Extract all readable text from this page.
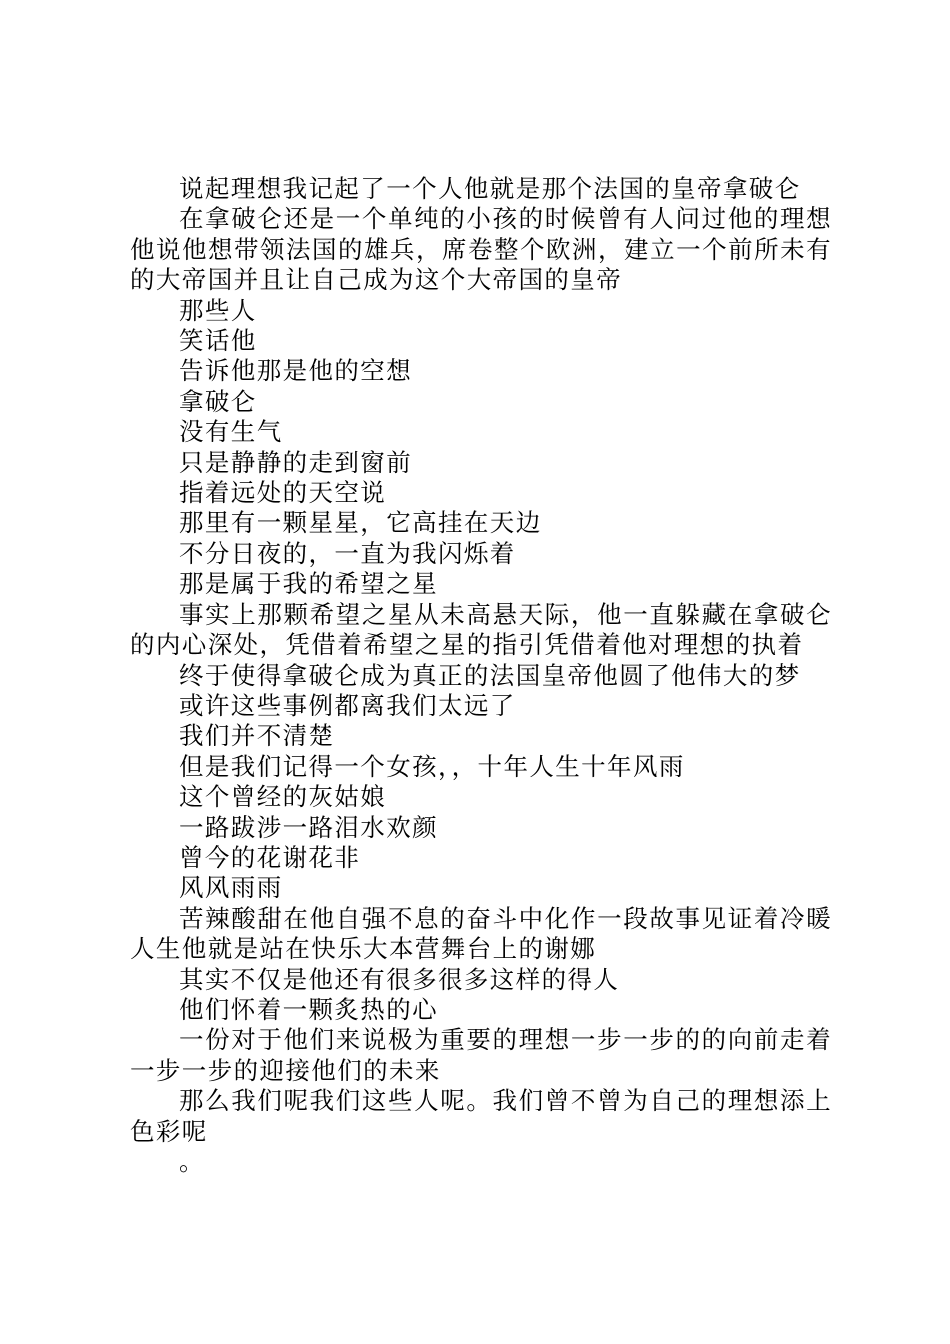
说起理想我记起了一个人他就是那个法国的皇帝拿破仑

在拿破仑还是一个单纯的小孩的时候曾有人问过他的理想他说他想带领法国的雄兵，席卷整个欧洲，建立一个前所未有的大帝国并且让自己成为这个大帝国的皇帝

那些人

笑话他

告诉他那是他的空想

拿破仑

没有生气

只是静静的走到窗前

指着远处的天空说

那里有一颗星星，它高挂在天边

不分日夜的，一直为我闪烁着

那是属于我的希望之星

事实上那颗希望之星从未高悬天际，他一直躲藏在拿破仑的内心深处，凭借着希望之星的指引凭借着他对理想的执着

终于使得拿破仑成为真正的法国皇帝他圆了他伟大的梦

或许这些事例都离我们太远了

我们并不清楚

但是我们记得一个女孩，，十年人生十年风雨

这个曾经的灰姑娘

一路跋涉一路泪水欢颜

曾今的花谢花非

风风雨雨

苦辣酸甜在他自强不息的奋斗中化作一段故事见证着冷暖人生他就是站在快乐大本营舞台上的谢娜

其实不仅是他还有很多很多这样的得人

他们怀着一颗炙热的心

一份对于他们来说极为重要的理想一步一步的的向前走着一步一步的迎接他们的未来

那么我们呢我们这些人呢。我们曾不曾为自己的理想添上色彩呢

。
